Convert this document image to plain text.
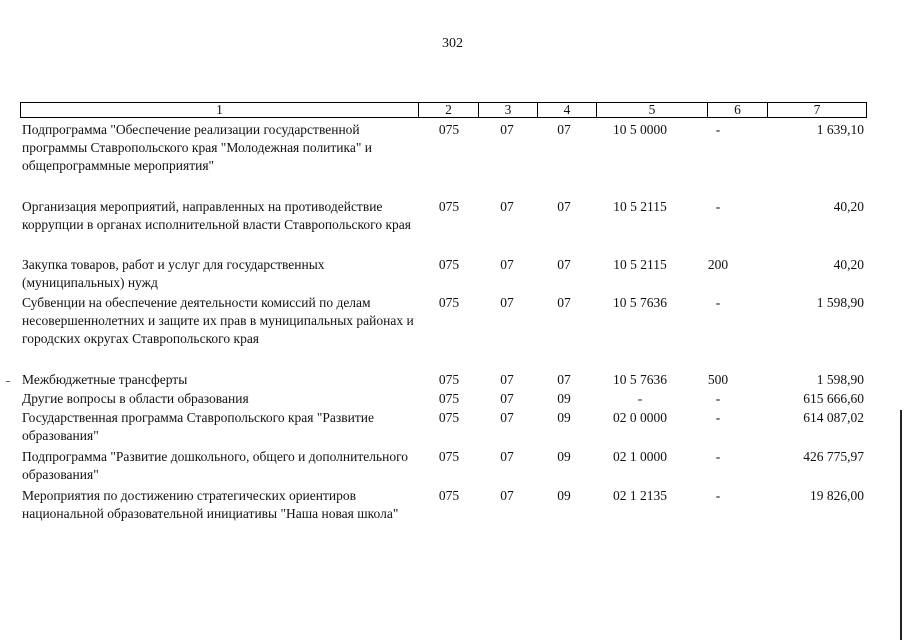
302
1	2	3	4	5	6	7
Подпрограмма "Обеспечение реализации государственной программы Ставропольского края "Молодежная политика" и общепрограммные мероприятия"
075	07	07	10 5 0000	-	1 639,10
Организация мероприятий, направленных на противодействие коррупции в органах исполнительной власти Ставропольского края
075	07	07	10 5 2115	-	40,20
Закупка товаров, работ и услуг для государственных (муниципальных) нужд
075	07	07	10 5 2115	200	40,20
Субвенции на обеспечение деятельности комиссий по делам несовершеннолетних и защите их прав в муниципальных районах и городских округах Ставропольского края
075	07	07	10 5 7636	-	1 598,90
Межбюджетные трансферты	075	07	07	10 5 7636	500	1 598,90
Другие вопросы в области образования	075	07	09	-	-	615 666,60
Государственная программа Ставропольского края "Развитие образования"
075	07	09	02 0 0000	-	614 087,02
Подпрограмма "Развитие дошкольного, общего и дополнительного образования"
075	07	09	02 1 0000	-	426 775,97
Мероприятия по достижению стратегических ориентиров национальной образовательной инициативы "Наша новая школа"
075	07	09	02 1 2135	-	19 826,00
